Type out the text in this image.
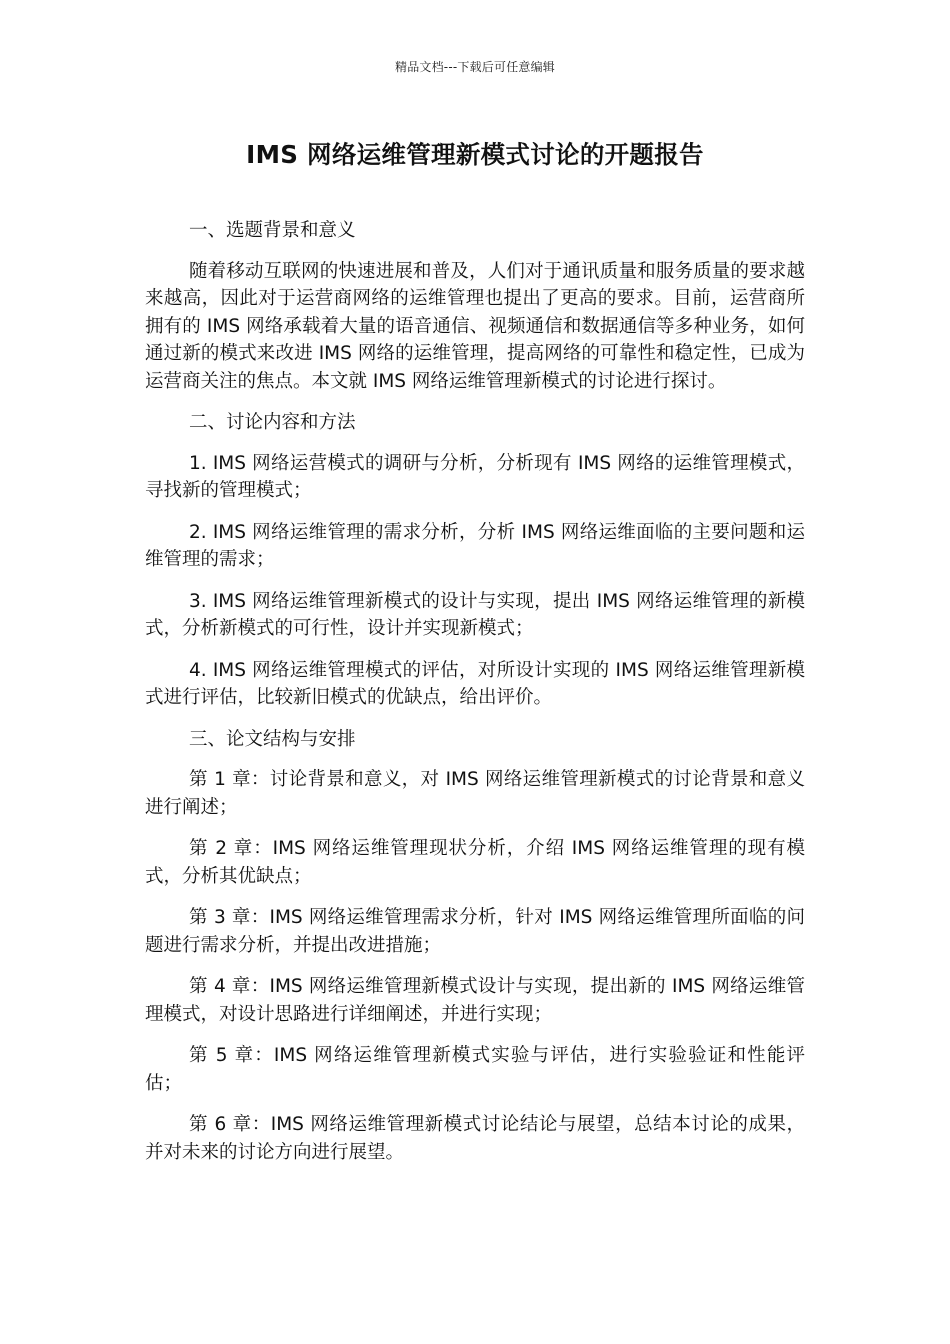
精品文档---下载后可任意编辑
IMS 网络运维管理新模式讨论的开题报告

一、选题背景和意义

随着移动互联网的快速进展和普及，人们对于通讯质量和服务质量的要求越来越高，因此对于运营商网络的运维管理也提出了更高的要求。目前，运营商所拥有的 IMS 网络承载着大量的语音通信、视频通信和数据通信等多种业务，如何通过新的模式来改进 IMS 网络的运维管理，提高网络的可靠性和稳定性，已成为运营商关注的焦点。本文就 IMS 网络运维管理新模式的讨论进行探讨。

二、讨论内容和方法

1. IMS 网络运营模式的调研与分析，分析现有 IMS 网络的运维管理模式，寻找新的管理模式；

2. IMS 网络运维管理的需求分析，分析 IMS 网络运维面临的主要问题和运维管理的需求；

3. IMS 网络运维管理新模式的设计与实现，提出 IMS 网络运维管理的新模式，分析新模式的可行性，设计并实现新模式；

4. IMS 网络运维管理模式的评估，对所设计实现的 IMS 网络运维管理新模式进行评估，比较新旧模式的优缺点，给出评价。

三、论文结构与安排

第 1 章：讨论背景和意义，对 IMS 网络运维管理新模式的讨论背景和意义进行阐述；

第 2 章：IMS 网络运维管理现状分析，介绍 IMS 网络运维管理的现有模式，分析其优缺点；

第 3 章：IMS 网络运维管理需求分析，针对 IMS 网络运维管理所面临的问题进行需求分析，并提出改进措施；

第 4 章：IMS 网络运维管理新模式设计与实现，提出新的 IMS 网络运维管理模式，对设计思路进行详细阐述，并进行实现；

第 5 章：IMS 网络运维管理新模式实验与评估，进行实验验证和性能评估；

第 6 章：IMS 网络运维管理新模式讨论结论与展望，总结本讨论的成果，并对未来的讨论方向进行展望。
